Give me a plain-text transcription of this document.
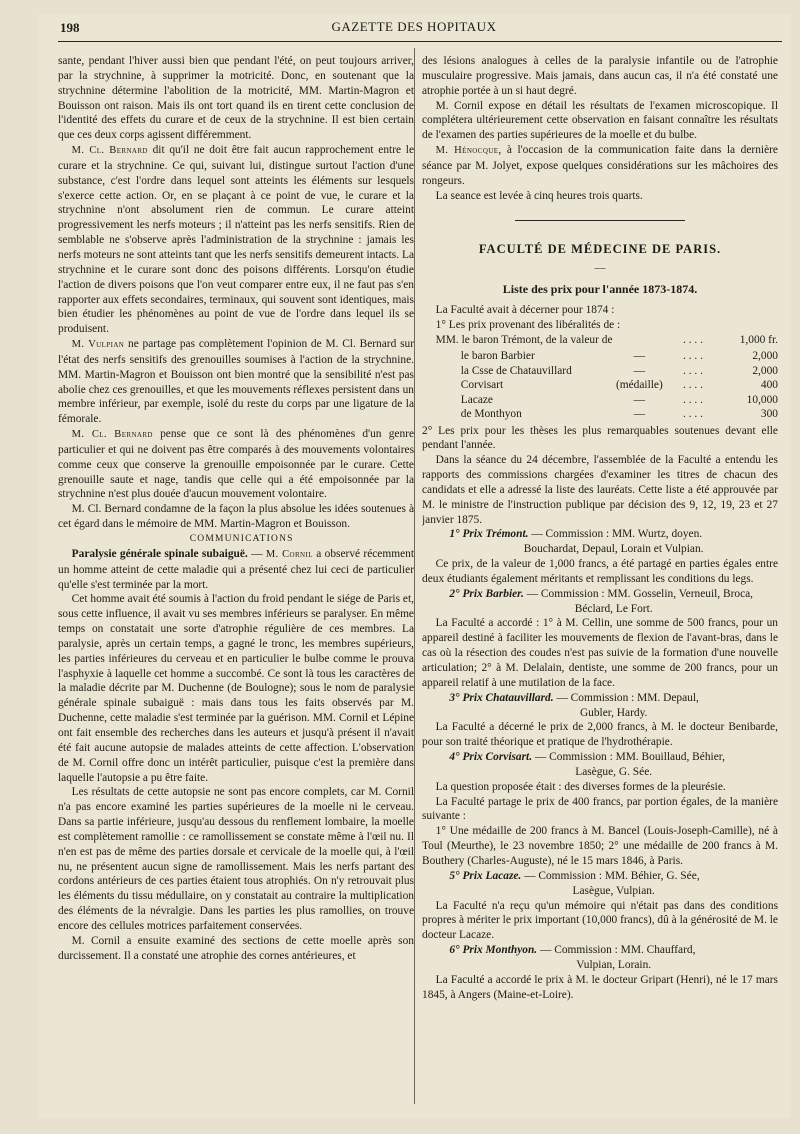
198	GAZETTE DES HOPITAUX

sante, pendant l'hiver aussi bien que pendant l'été, on peut toujours arriver, par la strychnine, à supprimer la motricité. Donc, en soutenant que la strychnine détermine l'abolition de la motricité, MM. Martin-Magron et Bouisson ont raison. Mais ils ont tort quand ils en tirent cette conclusion de l'identité des effets du curare et de ceux de la strychnine. Il est bien certain que ces deux corps agissent différemment.

M. Cl. Bernard dit qu'il ne doit être fait aucun rapprochement entre le curare et la strychnine. Ce qui, suivant lui, distingue surtout l'action d'une substance, c'est l'ordre dans lequel sont atteints les éléments sur lesquels s'exerce cette action. Or, en se plaçant à ce point de vue, le curare et la strychnine n'ont absolument rien de commun. Le curare atteint progressivement les nerfs moteurs ; il n'atteint pas les nerfs sensitifs. Rien de semblable ne s'observe après l'administration de la strychnine : jamais les nerfs moteurs ne sont atteints tant que les nerfs sensitifs demeurent intacts. La strychnine et le curare sont donc des poisons différents. Lorsqu'on étudie l'action de divers poisons que l'on veut comparer entre eux, il ne faut pas s'en rapporter aux effets secondaires, terminaux, qui souvent sont identiques, mais bien étudier les phénomènes au point de vue de l'ordre dans lequel ils se produisent.

M. Vulpian ne partage pas complètement l'opinion de M. Cl. Bernard sur l'état des nerfs sensitifs des grenouilles soumises à l'action de la strychnine. MM. Martin-Magron et Bouisson ont bien montré que la sensibilité n'est pas abolie chez ces grenouilles, et que les mouvements réflexes persistent dans un membre inférieur, par exemple, isolé du reste du corps par une ligature de la fémorale.

M. Cl. Bernard pense que ce sont là des phénomènes d'un genre particulier et qui ne doivent pas être comparés à des mouvements volontaires comme ceux que conserve la grenouille empoisonnée par le curare. Cette grenouille saute et nage, tandis que celle qui a été empoisonnée par la strychnine n'est plus douée d'aucun mouvement volontaire.

M. Cl. Bernard condamne de la façon la plus absolue les idées soutenues à cet égard dans le mémoire de MM. Martin-Magron et Bouisson.

COMMUNICATIONS

Paralysie générale spinale subaiguë. — M. Cornil a observé récemment un homme atteint de cette maladie qui a présenté chez lui ceci de particulier qu'elle s'est terminée par la mort.

Cet homme avait été soumis à l'action du froid pendant le siége de Paris et, sous cette influence, il avait vu ses membres inférieurs se paralyser. En même temps on constatait une sorte d'atrophie régulière de ces membres. La paralysie, après un certain temps, a gagné le tronc, les membres supérieurs, les parties inférieures du cerveau et en particulier le bulbe comme le prouva l'asphyxie à laquelle cet homme a succombé. Ce sont là tous les caractères de la maladie décrite par M. Duchenne (de Boulogne); sous le nom de paralysie générale spinale subaiguë : mais dans tous les faits observés par M. Duchenne, cette maladie s'est terminée par la guérison. MM. Cornil et Lépine ont fait ensemble des recherches dans les auteurs et jusqu'à présent il n'avait été fait aucune autopsie de malades atteints de cette affection. L'observation de M. Cornil offre donc un intérêt particulier, puisque c'est la première dans laquelle l'autopsie a pu être faite.

Les résultats de cette autopsie ne sont pas encore complets, car M. Cornil n'a pas encore examiné les parties supérieures de la moelle ni le cerveau. Dans sa partie inférieure, jusqu'au dessous du renflement lombaire, la moelle est complètement ramollie : ce ramollissement se constate même à l'œil nu. Il n'en est pas de même des parties dorsale et cervicale de la moelle qui, à l'œil nu, ne présentent aucun signe de ramollissement. Mais les nerfs partant des cordons antérieurs de ces parties étaient tous atrophiés. On n'y retrouvait plus les éléments du tissu médullaire, on y constatait au contraire la multiplication des éléments de la névralgie. Dans les parties les plus ramollies, on trouve encore des cellules motrices parfaitement conservées.

M. Cornil a ensuite examiné des sections de cette moelle après son durcissement. Il a constaté une atrophie des cornes antérieures, et

des lésions analogues à celles de la paralysie infantile ou de l'atrophie musculaire progressive. Mais jamais, dans aucun cas, il n'a été constaté une atrophie portée à un si haut degré.

M. Cornil expose en détail les résultats de l'examen microscopique. Il complétera ultérieurement cette observation en faisant connaître les résultats de l'examen des parties supérieures de la moelle et du bulbe.

M. Hénocque, à l'occasion de la communication faite dans la dernière séance par M. Jolyet, expose quelques considérations sur les mâchoires des rongeurs.

La seance est levée à cinq heures trois quarts.

FACULTÉ DE MÉDECINE DE PARIS.
—
Liste des prix pour l'année 1873-1874.

La Faculté avait à décerner pour 1874 :

1° Les prix provenant des libéralités de :

MM. le baron Trémont, de la valeur de	. . . .	1,000 fr.
le baron Barbier	—	. . . .	2,000
la Csse de Chatauvillard	—	. . . .	2,000
Corvisart	(médaille)	. . . .	400
Lacaze	—	. . . .	10,000
de Monthyon	—	. . . .	300

2° Les prix pour les thèses les plus remarquables soutenues devant elle pendant l'année.

Dans la séance du 24 décembre, l'assemblée de la Faculté a entendu les rapports des commissions chargées d'examiner les titres de chacun des candidats et elle a adressé la liste des lauréats. Cette liste a été approuvée par M. le ministre de l'instruction publique par décision des 9, 12, 19, 23 et 27 janvier 1875.

1° Prix Trémont. — Commission : MM. Wurtz, doyen.
Bouchardat, Depaul, Lorain et Vulpian.

Ce prix, de la valeur de 1,000 francs, a été partagé en parties égales entre deux étudiants également méritants et remplissant les conditions du legs.

2° Prix Barbier. — Commission : MM. Gosselin, Verneuil, Broca,
Béclard, Le Fort.

La Faculté a accordé : 1° à M. Cellin, une somme de 500 francs, pour un appareil destiné à faciliter les mouvements de flexion de l'avant-bras, dans le cas où la résection des coudes n'est pas suivie de la formation d'une nouvelle articulation; 2° à M. Delalain, dentiste, une somme de 200 francs, pour un appareil relatif à une mutilation de la face.

3° Prix Chatauvillard. — Commission : MM. Depaul,
Gubler, Hardy.

La Faculté a décerné le prix de 2,000 francs, à M. le docteur Benibarde, pour son traité théorique et pratique de l'hydrothérapie.

4° Prix Corvisart. — Commission : MM. Bouillaud, Béhier,
Lasègue, G. Sée.

La question proposée était : des diverses formes de la pleurésie.

La Faculté partage le prix de 400 francs, par portion égales, de la manière suivante :

1° Une médaille de 200 francs à M. Bancel (Louis-Joseph-Camille), né à Toul (Meurthe), le 23 novembre 1850; 2° une médaille de 200 francs à M. Bouthery (Charles-Auguste), né le 15 mars 1846, à Paris.

5° Prix Lacaze. — Commission : MM. Béhier, G. Sée,
Lasègue, Vulpian.

La Faculté n'a reçu qu'un mémoire qui n'était pas dans des conditions propres à mériter le prix important (10,000 francs), dû à la générosité de M. le docteur Lacaze.

6° Prix Monthyon. — Commission : MM. Chauffard,
Vulpian, Lorain.

La Faculté a accordé le prix à M. le docteur Gripart (Henri), né le 17 mars 1845, à Angers (Maine-et-Loire).
